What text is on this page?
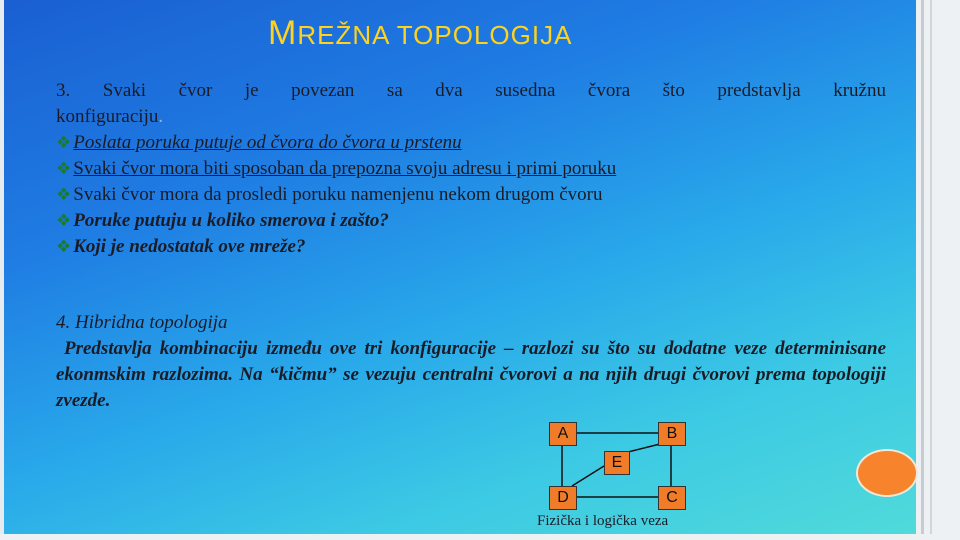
MREŽNA TOPOLOGIJA

3. Svaki čvor je povezan sa dva susedna čvora što predstavlja kružnu

konfiguraciju.

❖ Poslata poruka putuje od čvora do čvora u prstenu

❖ Svaki čvor mora biti sposoban da prepozna svoju adresu i primi poruku

❖ Svaki čvor mora da prosledi poruku namenjenu nekom drugom čvoru

❖ Poruke putuju u koliko smerova i zašto?

❖ Koji je nedostatak ove mreže?

4. Hibridna topologija

Predstavlja kombinaciju između ove tri konfiguracije – razlozi su što su dodatne veze determinisane ekonmskim razlozima. Na “kičmu” se vezuju centralni čvorovi a na njih drugi čvorovi prema topologiji zvezde.

A	B
E
D	C
Fizička i logička veza
